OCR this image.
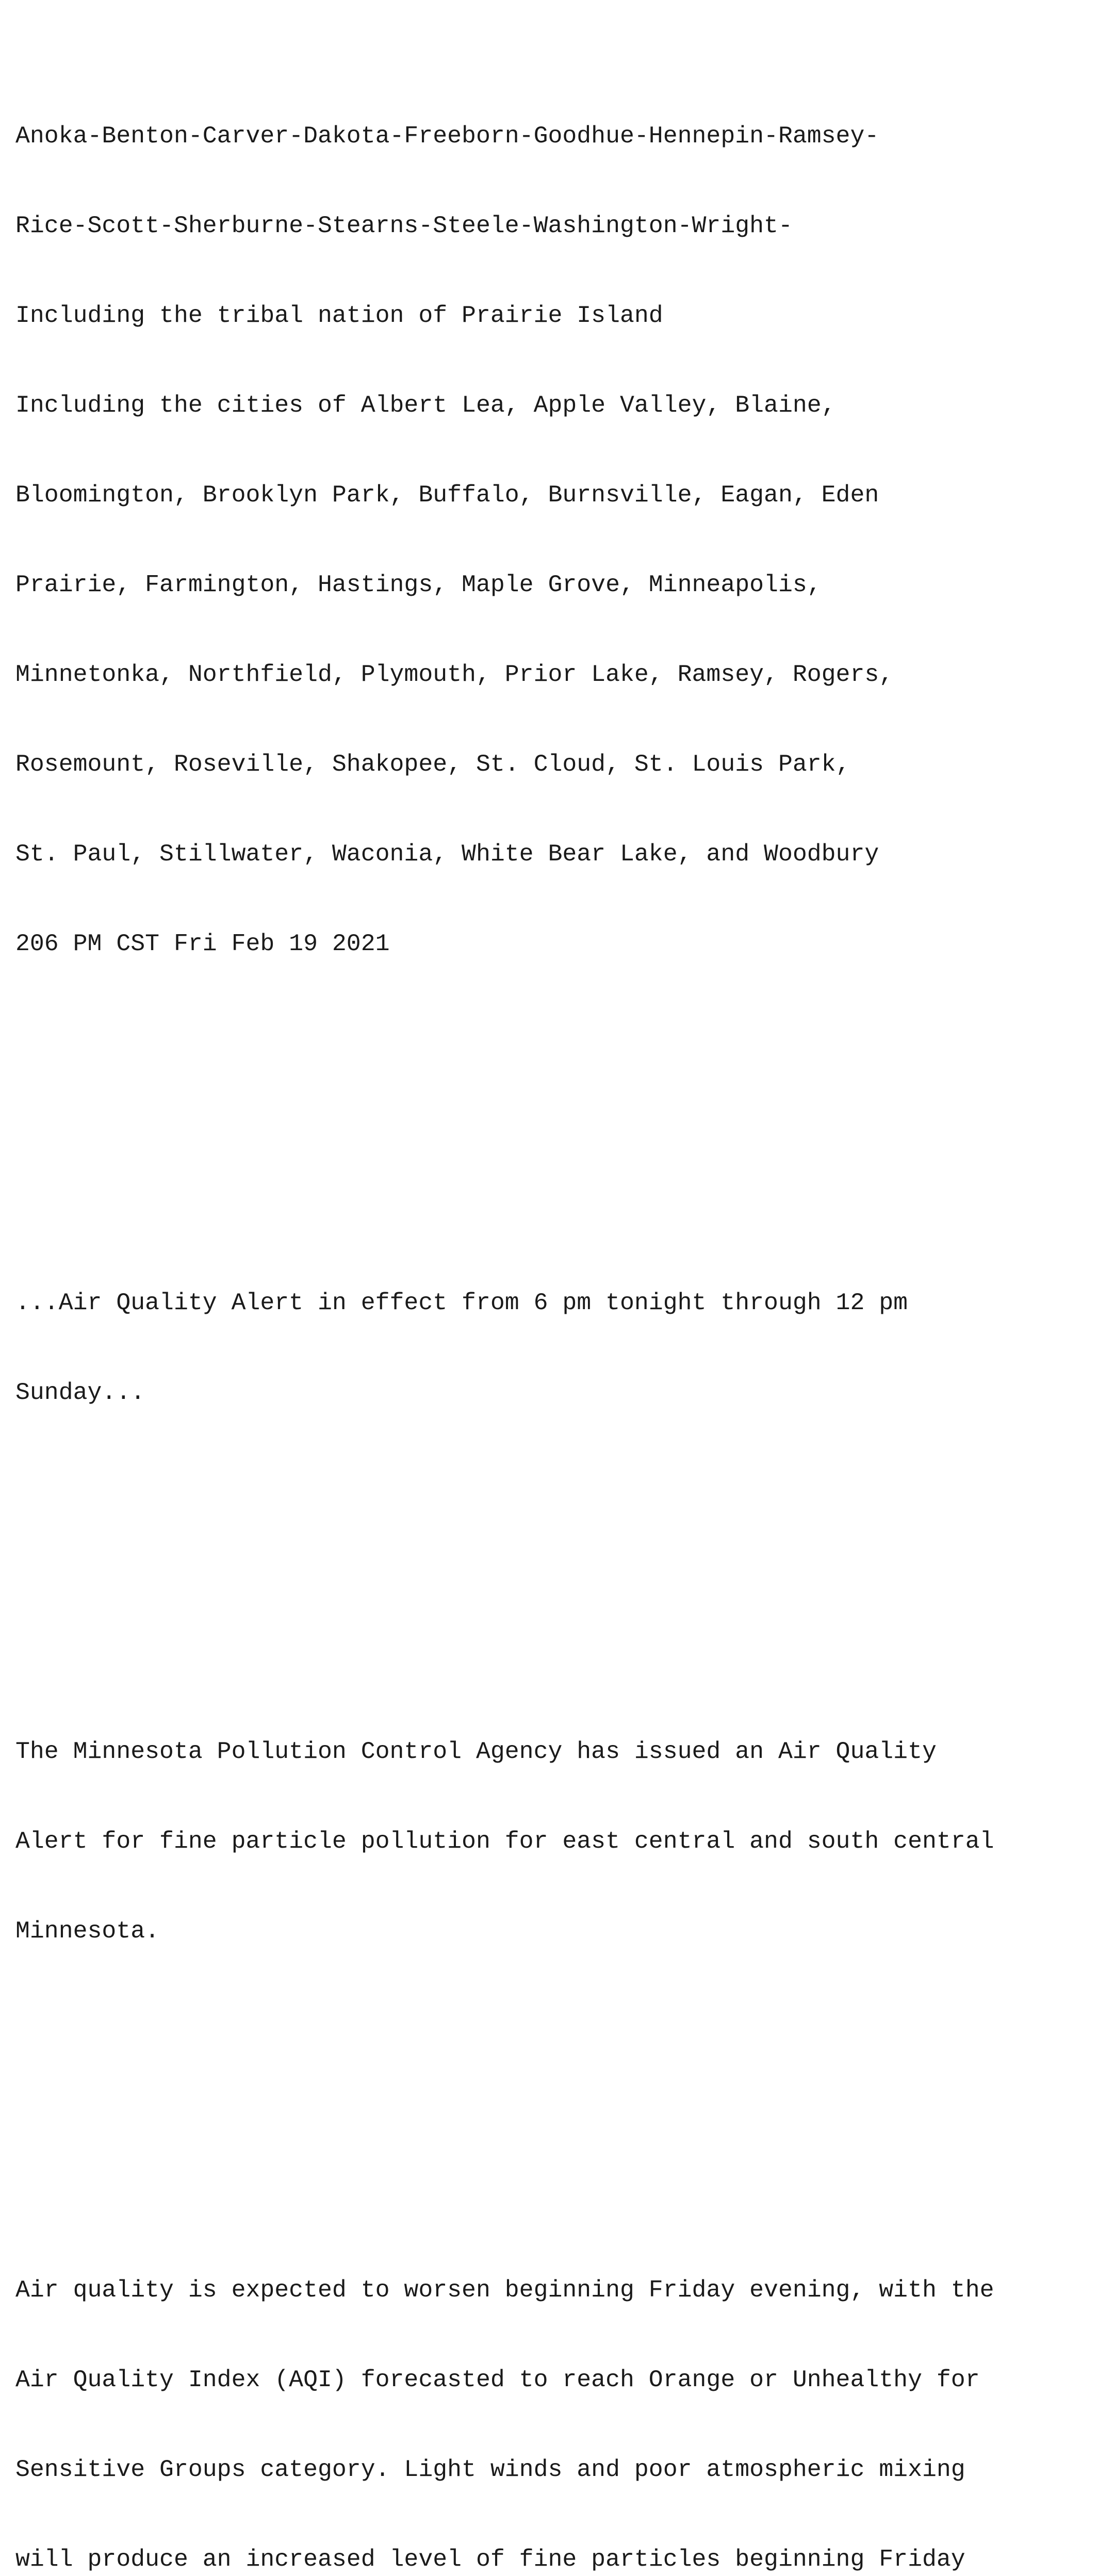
Anoka-Benton-Carver-Dakota-Freeborn-Goodhue-Hennepin-Ramsey-

Rice-Scott-Sherburne-Stearns-Steele-Washington-Wright-

Including the tribal nation of Prairie Island

Including the cities of Albert Lea, Apple Valley, Blaine,

Bloomington, Brooklyn Park, Buffalo, Burnsville, Eagan, Eden

Prairie, Farmington, Hastings, Maple Grove, Minneapolis,

Minnetonka, Northfield, Plymouth, Prior Lake, Ramsey, Rogers,

Rosemount, Roseville, Shakopee, St. Cloud, St. Louis Park,

St. Paul, Stillwater, Waconia, White Bear Lake, and Woodbury

206 PM CST Fri Feb 19 2021

...Air Quality Alert in effect from 6 pm tonight through 12 pm

Sunday...

The Minnesota Pollution Control Agency has issued an Air Quality

Alert for fine particle pollution for east central and south central

Minnesota.

Air quality is expected to worsen beginning Friday evening, with the

Air Quality Index (AQI) forecasted to reach Orange or Unhealthy for

Sensitive Groups category. Light winds and poor atmospheric mixing

will produce an increased level of fine particles beginning Friday
